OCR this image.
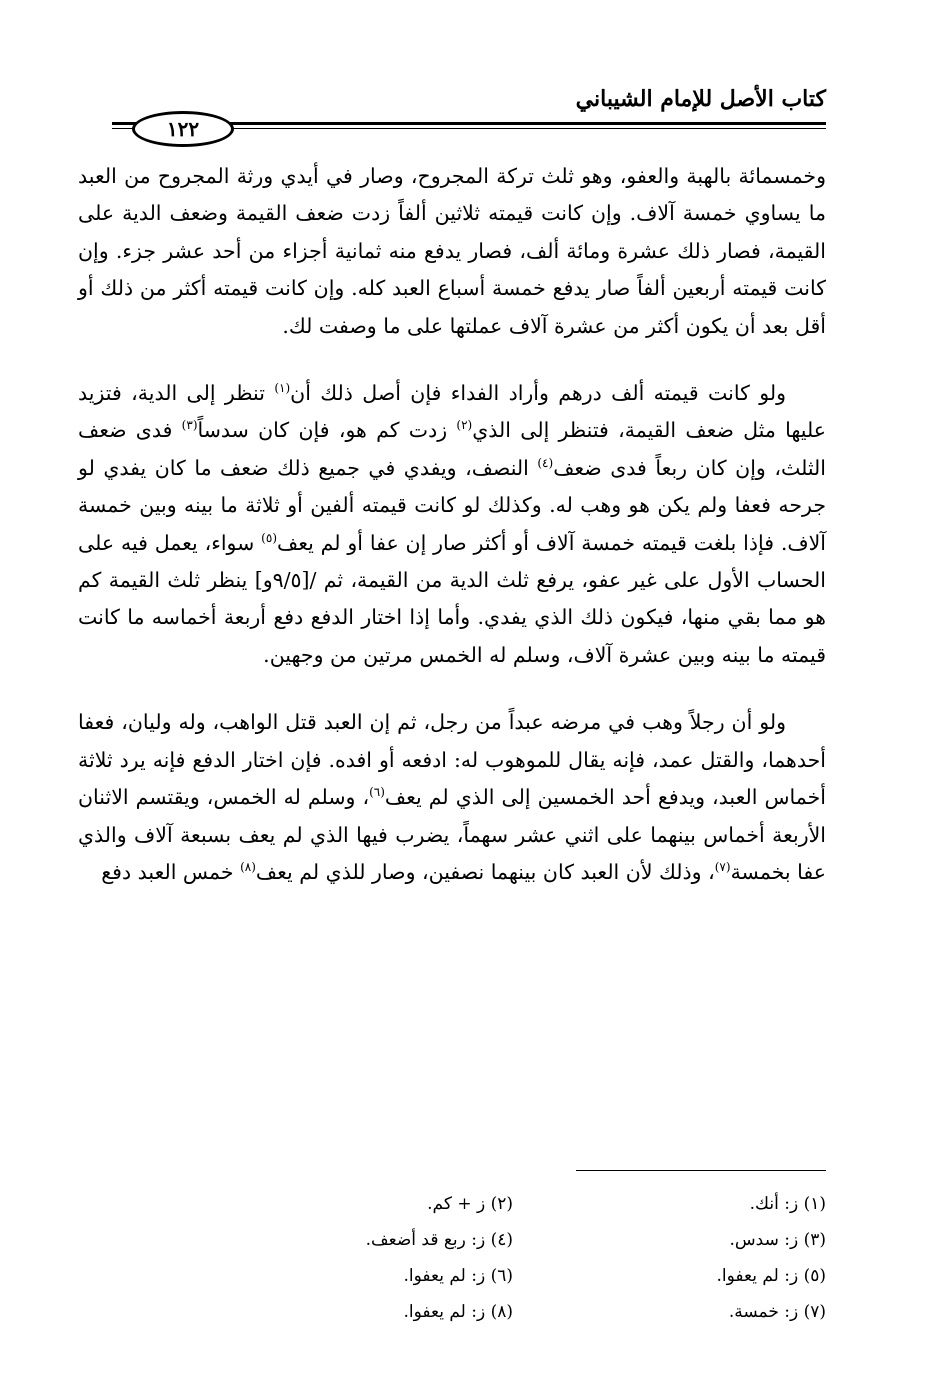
كتاب الأصل للإمام الشيباني
١٢٢

وخمسمائة بالهبة والعفو، وهو ثلث تركة المجروح، وصار في أيدي ورثة المجروح من العبد ما يساوي خمسة آلاف. وإن كانت قيمته ثلاثين ألفاً زدت ضعف القيمة وضعف الدية على القيمة، فصار ذلك عشرة ومائة ألف، فصار يدفع منه ثمانية أجزاء من أحد عشر جزء. وإن كانت قيمته أربعين ألفاً صار يدفع خمسة أسباع العبد كله. وإن كانت قيمته أكثر من ذلك أو أقل بعد أن يكون أكثر من عشرة آلاف عملتها على ما وصفت لك.

ولو كانت قيمته ألف درهم وأراد الفداء فإن أصل ذلك أن$^{(١)}$ تنظر إلى الدية، فتزيد عليها مثل ضعف القيمة، فتنظر إلى الذي$^{(٢)}$ زدت كم هو، فإن كان سدساً$^{(٣)}$ فدى ضعف الثلث، وإن كان ربعاً فدى ضعف$^{(٤)}$ النصف، ويفدي في جميع ذلك ضعف ما كان يفدي لو جرحه فعفا ولم يكن هو وهب له. وكذلك لو كانت قيمته ألفين أو ثلاثة ما بينه وبين خمسة آلاف. فإذا بلغت قيمته خمسة آلاف أو أكثر صار إن عفا أو لم يعف$^{(٥)}$ سواء، يعمل فيه على الحساب الأول على غير عفو، يرفع ثلث الدية من القيمة، ثم /[٩/٥و] ينظر ثلث القيمة كم هو مما بقي منها، فيكون ذلك الذي يفدي. وأما إذا اختار الدفع دفع أربعة أخماسه ما كانت قيمته ما بينه وبين عشرة آلاف، وسلم له الخمس مرتين من وجهين.

ولو أن رجلاً وهب في مرضه عبداً من رجل، ثم إن العبد قتل الواهب، وله وليان، فعفا أحدهما، والقتل عمد، فإنه يقال للموهوب له: ادفعه أو افده. فإن اختار الدفع فإنه يرد ثلاثة أخماس العبد، ويدفع أحد الخمسين إلى الذي لم يعف$^{(٦)}$، وسلم له الخمس، ويقتسم الاثنان الأربعة أخماس بينهما على اثني عشر سهماً، يضرب فيها الذي لم يعف بسبعة آلاف والذي عفا بخمسة$^{(٧)}$، وذلك لأن العبد كان بينهما نصفين، وصار للذي لم يعف$^{(٨)}$ خمس العبد دفع

(١) ز: أنك.
(٢) ز + كم.
(٣) ز: سدس.
(٤) ز: ربع قد أضعف.
(٥) ز: لم يعفوا.
(٦) ز: لم يعفوا.
(٧) ز: خمسة.
(٨) ز: لم يعفوا.
